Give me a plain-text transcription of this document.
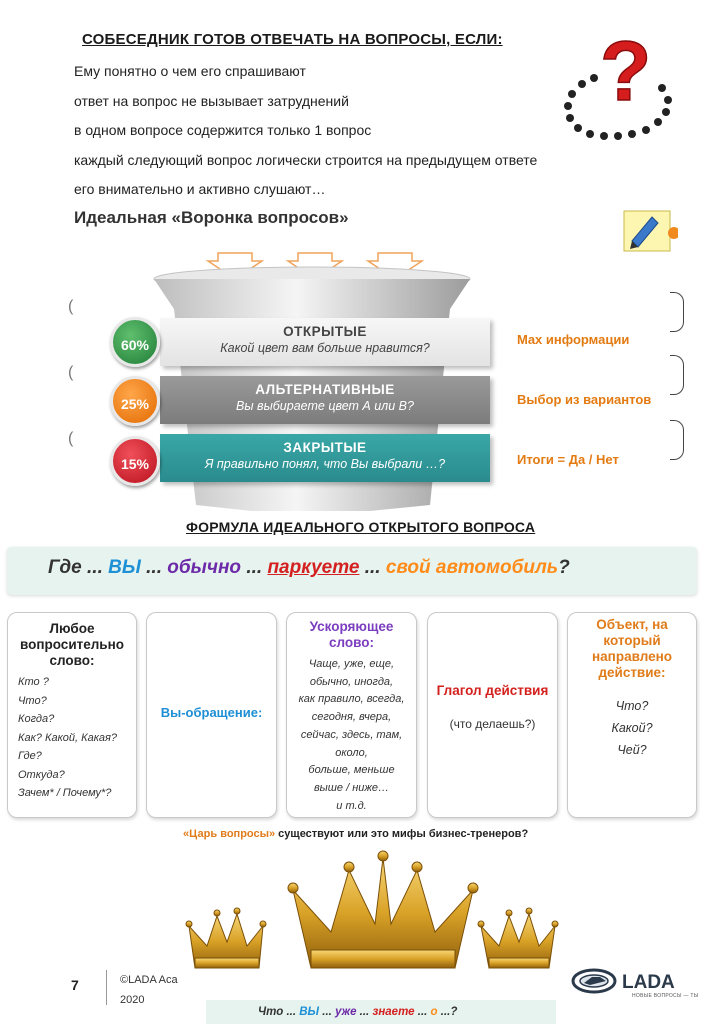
СОБЕСЕДНИК ГОТОВ ОТВЕЧАТЬ НА ВОПРОСЫ, ЕСЛИ:
Ему понятно о чем его спрашивают
ответ на вопрос не вызывает затруднений
в одном вопросе содержится только 1 вопрос
каждый следующий вопрос логически строится на предыдущем ответе
его внимательно и активно слушают…
?
Идеальная «Воронка вопросов»
ОТКРЫТЫЕ
Какой цвет вам больше нравится?
АЛЬТЕРНАТИВНЫЕ
Вы выбираете цвет А или В?
ЗАКРЫТЫЕ
Я правильно понял, что Вы выбрали …?
60%
25%
15%
Max информации
Выбор из вариантов
Итоги = Да / Нет
(
(
(
ФОРМУЛА ИДЕАЛЬНОГО ОТКРЫТОГО ВОПРОСА
Где ... ВЫ ... обычно ... паркуете ... свой автомобиль?
Любое вопросительно слово:
Кто ?
Что?
Когда?
Как? Какой, Какая?
Где?
Откуда?
Зачем* / Почему*?
Вы-обращение:
Ускоряющее слово:
Чаще, уже, еще,
обычно, иногда,
как правило, всегда,
сегодня, вчера,
сейчас, здесь, там,
около,
больше, меньше
выше / ниже…
и т.д.
Глагол действия
(что делаешь?)
Объект, на который направлено действие:
Что?
Какой?
Чей?
«Царь вопросы» существуют или это мифы бизнес-тренеров?
7	©LADA Aca
2020
Что ... ВЫ ... уже ... знаете ... о ...?
LADA
НОВЫЕ ВОПРОСЫ — ТЫ
